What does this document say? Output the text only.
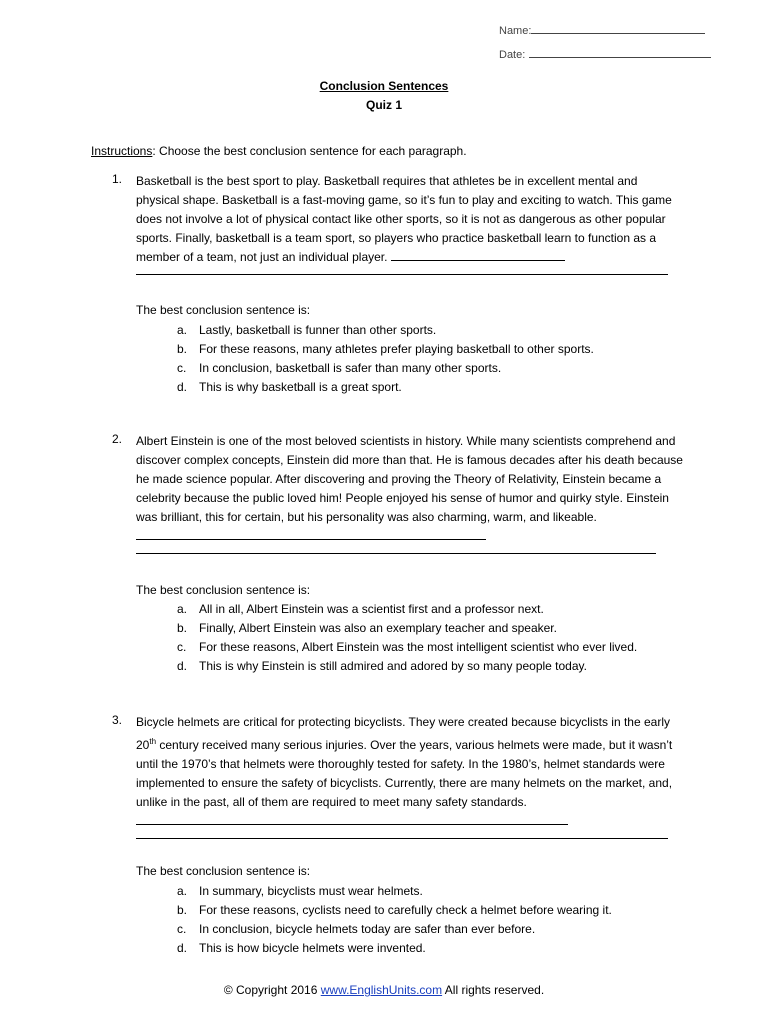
Name:
Date:
Conclusion Sentences
Quiz 1
Instructions: Choose the best conclusion sentence for each paragraph.
1. Basketball is the best sport to play. Basketball requires that athletes be in excellent mental and physical shape. Basketball is a fast-moving game, so it’s fun to play and exciting to watch. This game does not involve a lot of physical contact like other sports, so it is not as dangerous as other popular sports. Finally, basketball is a team sport, so players who practice basketball learn to function as a member of a team, not just an individual player.
The best conclusion sentence is:
a. Lastly, basketball is funner than other sports.
b. For these reasons, many athletes prefer playing basketball to other sports.
c. In conclusion, basketball is safer than many other sports.
d. This is why basketball is a great sport.
2. Albert Einstein is one of the most beloved scientists in history. While many scientists comprehend and discover complex concepts, Einstein did more than that. He is famous decades after his death because he made science popular. After discovering and proving the Theory of Relativity, Einstein became a celebrity because the public loved him! People enjoyed his sense of humor and quirky style. Einstein was brilliant, this for certain, but his personality was also charming, warm, and likeable.
The best conclusion sentence is:
a. All in all, Albert Einstein was a scientist first and a professor next.
b. Finally, Albert Einstein was also an exemplary teacher and speaker.
c. For these reasons, Albert Einstein was the most intelligent scientist who ever lived.
d. This is why Einstein is still admired and adored by so many people today.
3. Bicycle helmets are critical for protecting bicyclists. They were created because bicyclists in the early 20th century received many serious injuries. Over the years, various helmets were made, but it wasn’t until the 1970’s that helmets were thoroughly tested for safety. In the 1980’s, helmet standards were implemented to ensure the safety of bicyclists. Currently, there are many helmets on the market, and, unlike in the past, all of them are required to meet many safety standards.
The best conclusion sentence is:
a. In summary, bicyclists must wear helmets.
b. For these reasons, cyclists need to carefully check a helmet before wearing it.
c. In conclusion, bicycle helmets today are safer than ever before.
d. This is how bicycle helmets were invented.
© Copyright 2016 www.EnglishUnits.com All rights reserved.
